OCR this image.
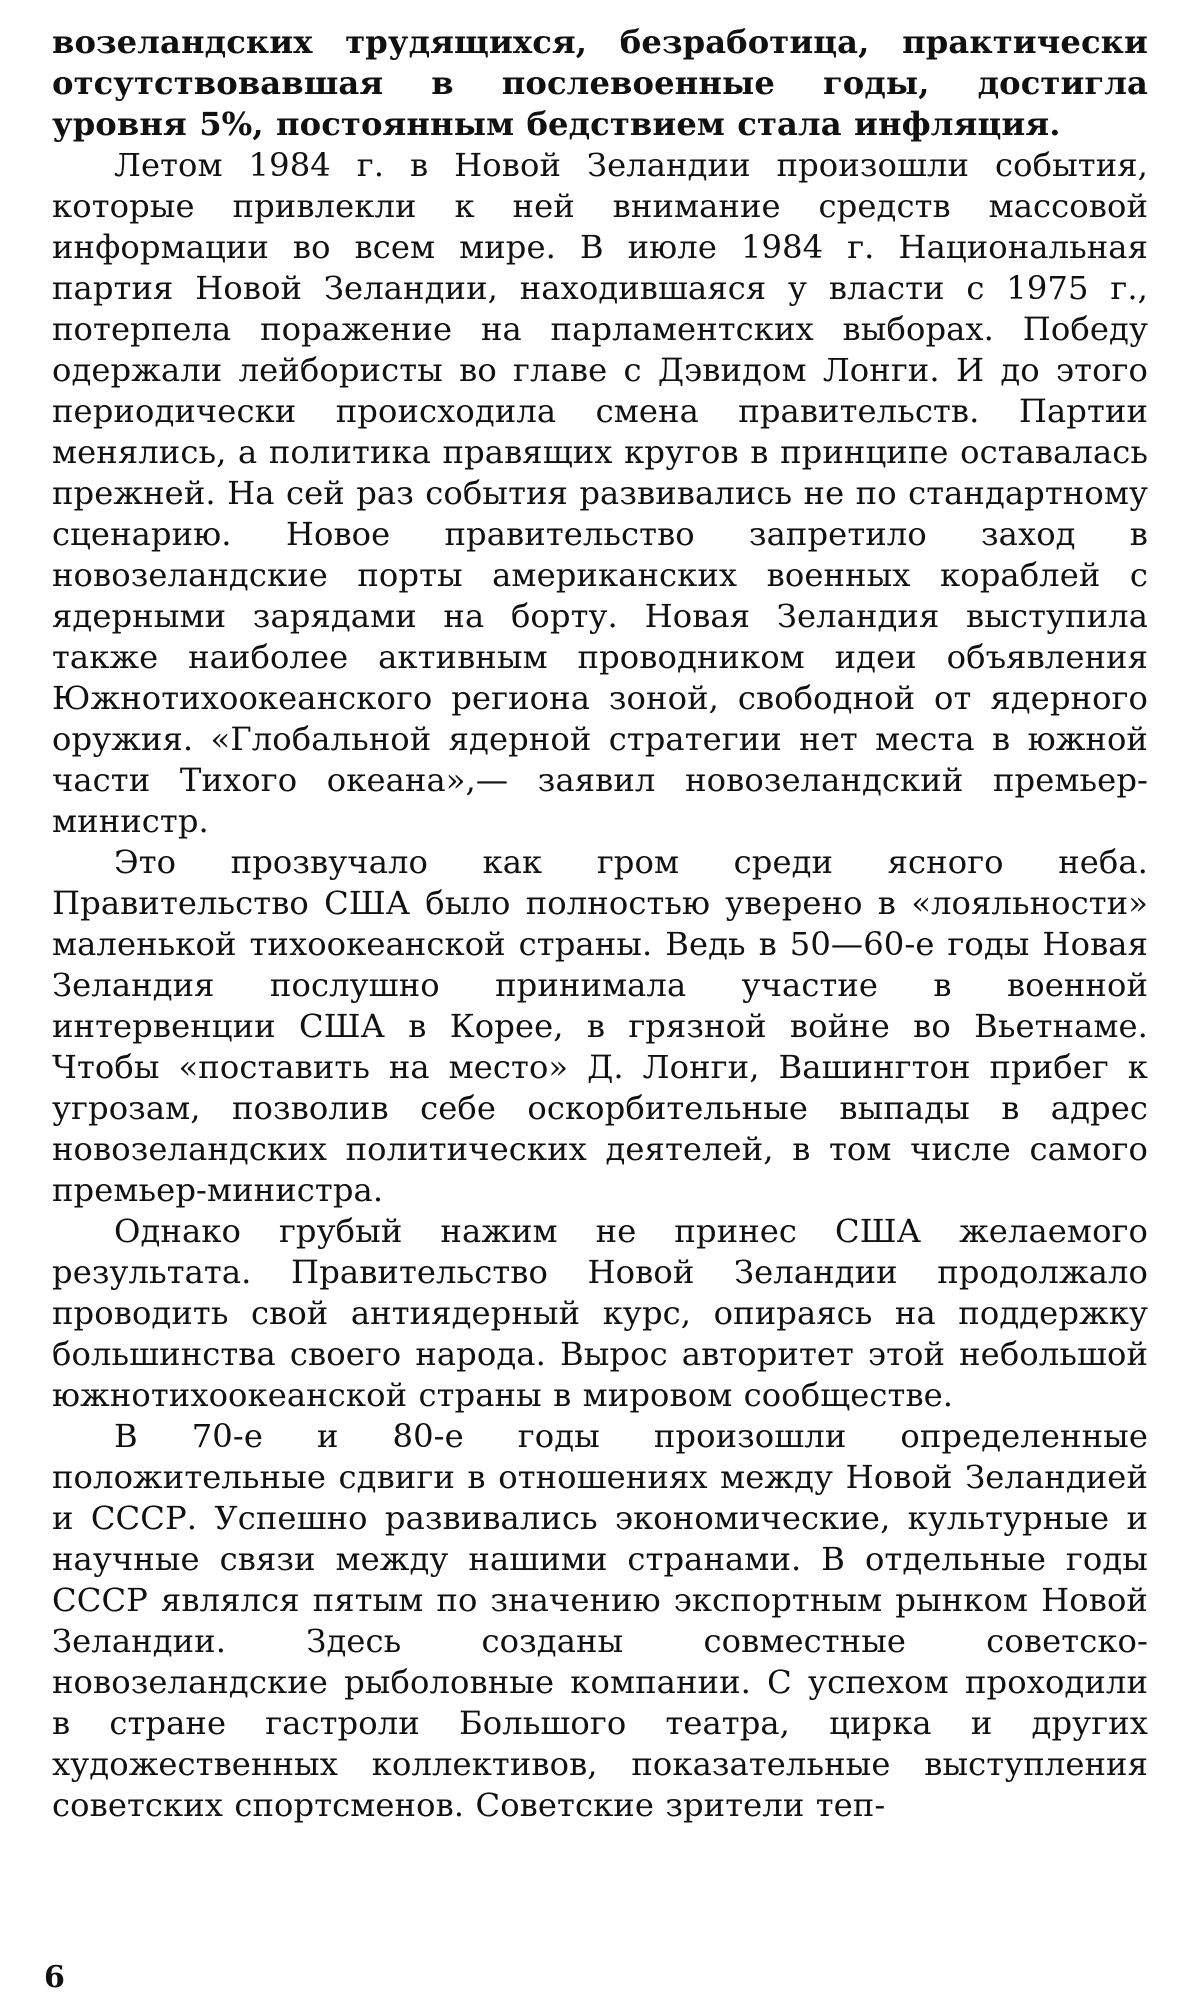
возеландских трудящихся, безработица, практически отсутствовавшая в послевоенные годы, достигла уровня 5%, постоянным бедствием стала инфляция.

Летом 1984 г. в Новой Зеландии произошли события, которые привлекли к ней внимание средств массовой информации во всем мире. В июле 1984 г. Национальная партия Новой Зеландии, находившаяся у власти с 1975 г., потерпела поражение на парламентских выборах. Победу одержали лейбористы во главе с Дэвидом Лонги. И до этого периодически происходила смена правительств. Партии менялись, а политика правящих кругов в принципе оставалась прежней. На сей раз события развивались не по стандартному сценарию. Новое правительство запретило заход в новозеландские порты американских военных кораблей с ядерными зарядами на борту. Новая Зеландия выступила также наиболее активным проводником идеи объявления Южнотихоокеанского региона зоной, свободной от ядерного оружия. «Глобальной ядерной стратегии нет места в южной части Тихого океана»,— заявил новозеландский премьер-министр.

Это прозвучало как гром среди ясного неба. Правительство США было полностью уверено в «лояльности» маленькой тихоокеанской страны. Ведь в 50—60-е годы Новая Зеландия послушно принимала участие в военной интервенции США в Корее, в грязной войне во Вьетнаме. Чтобы «поставить на место» Д. Лонги, Вашингтон прибег к угрозам, позволив себе оскорбительные выпады в адрес новозеландских политических деятелей, в том числе самого премьер-министра.

Однако грубый нажим не принес США желаемого результата. Правительство Новой Зеландии продолжало проводить свой антиядерный курс, опираясь на поддержку большинства своего народа. Вырос авторитет этой небольшой южнотихоокеанской страны в мировом сообществе.

В 70-е и 80-е годы произошли определенные положительные сдвиги в отношениях между Новой Зеландией и СССР. Успешно развивались экономические, культурные и научные связи между нашими странами. В отдельные годы СССР являлся пятым по значению экспортным рынком Новой Зеландии. Здесь созданы совместные советско-новозеландские рыболовные компании. С успехом проходили в стране гастроли Большого театра, цирка и других художественных коллективов, показательные выступления советских спортсменов. Советские зрители теп-

6
